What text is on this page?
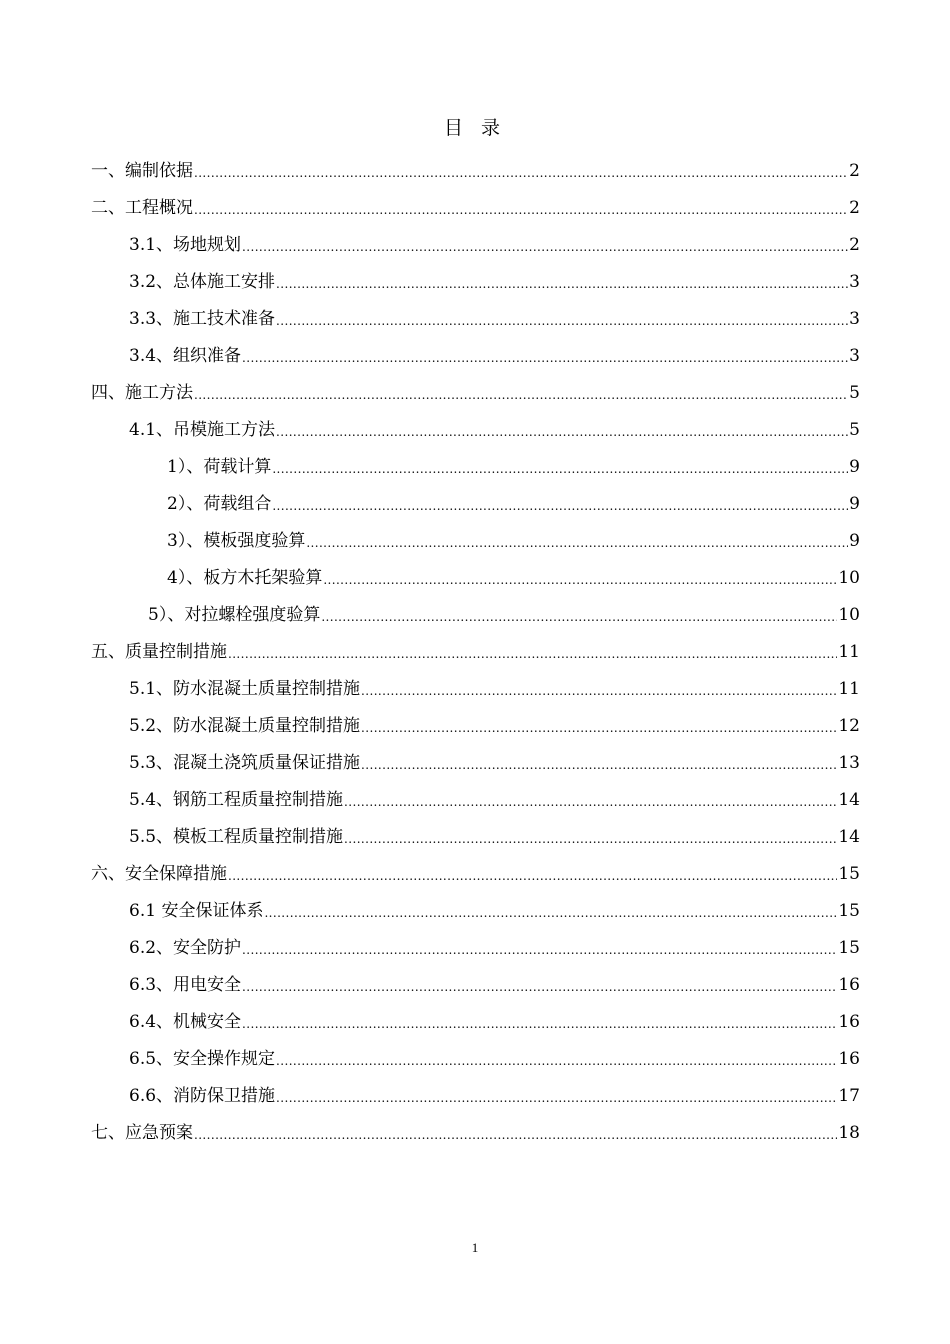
目 录
一、编制依据 .....	2
二、工程概况 .....	2
3.1、场地规划 .....	2
3.2、总体施工安排 .....	3
3.3、施工技术准备 .....	3
3.4、组织准备 .....	3
四、施工方法 .....	5
4.1、吊模施工方法 .....	5
1）、荷载计算 .....	9
2）、荷载组合 .....	9
3）、模板强度验算 .....	9
4）、板方木托架验算 .....	10
5）、对拉螺栓强度验算 .....	10
五、质量控制措施 .....	11
5.1、防水混凝土质量控制措施 .....	11
5.2、防水混凝土质量控制措施 .....	12
5.3、混凝土浇筑质量保证措施 .....	13
5.4、钢筋工程质量控制措施 .....	14
5.5、模板工程质量控制措施 .....	14
六、安全保障措施 .....	15
6.1 安全保证体系 .....	15
6.2、安全防护 .....	15
6.3、用电安全 .....	16
6.4、机械安全 .....	16
6.5、安全操作规定 .....	16
6.6、消防保卫措施 .....	17
七、应急预案 .....	18
1
